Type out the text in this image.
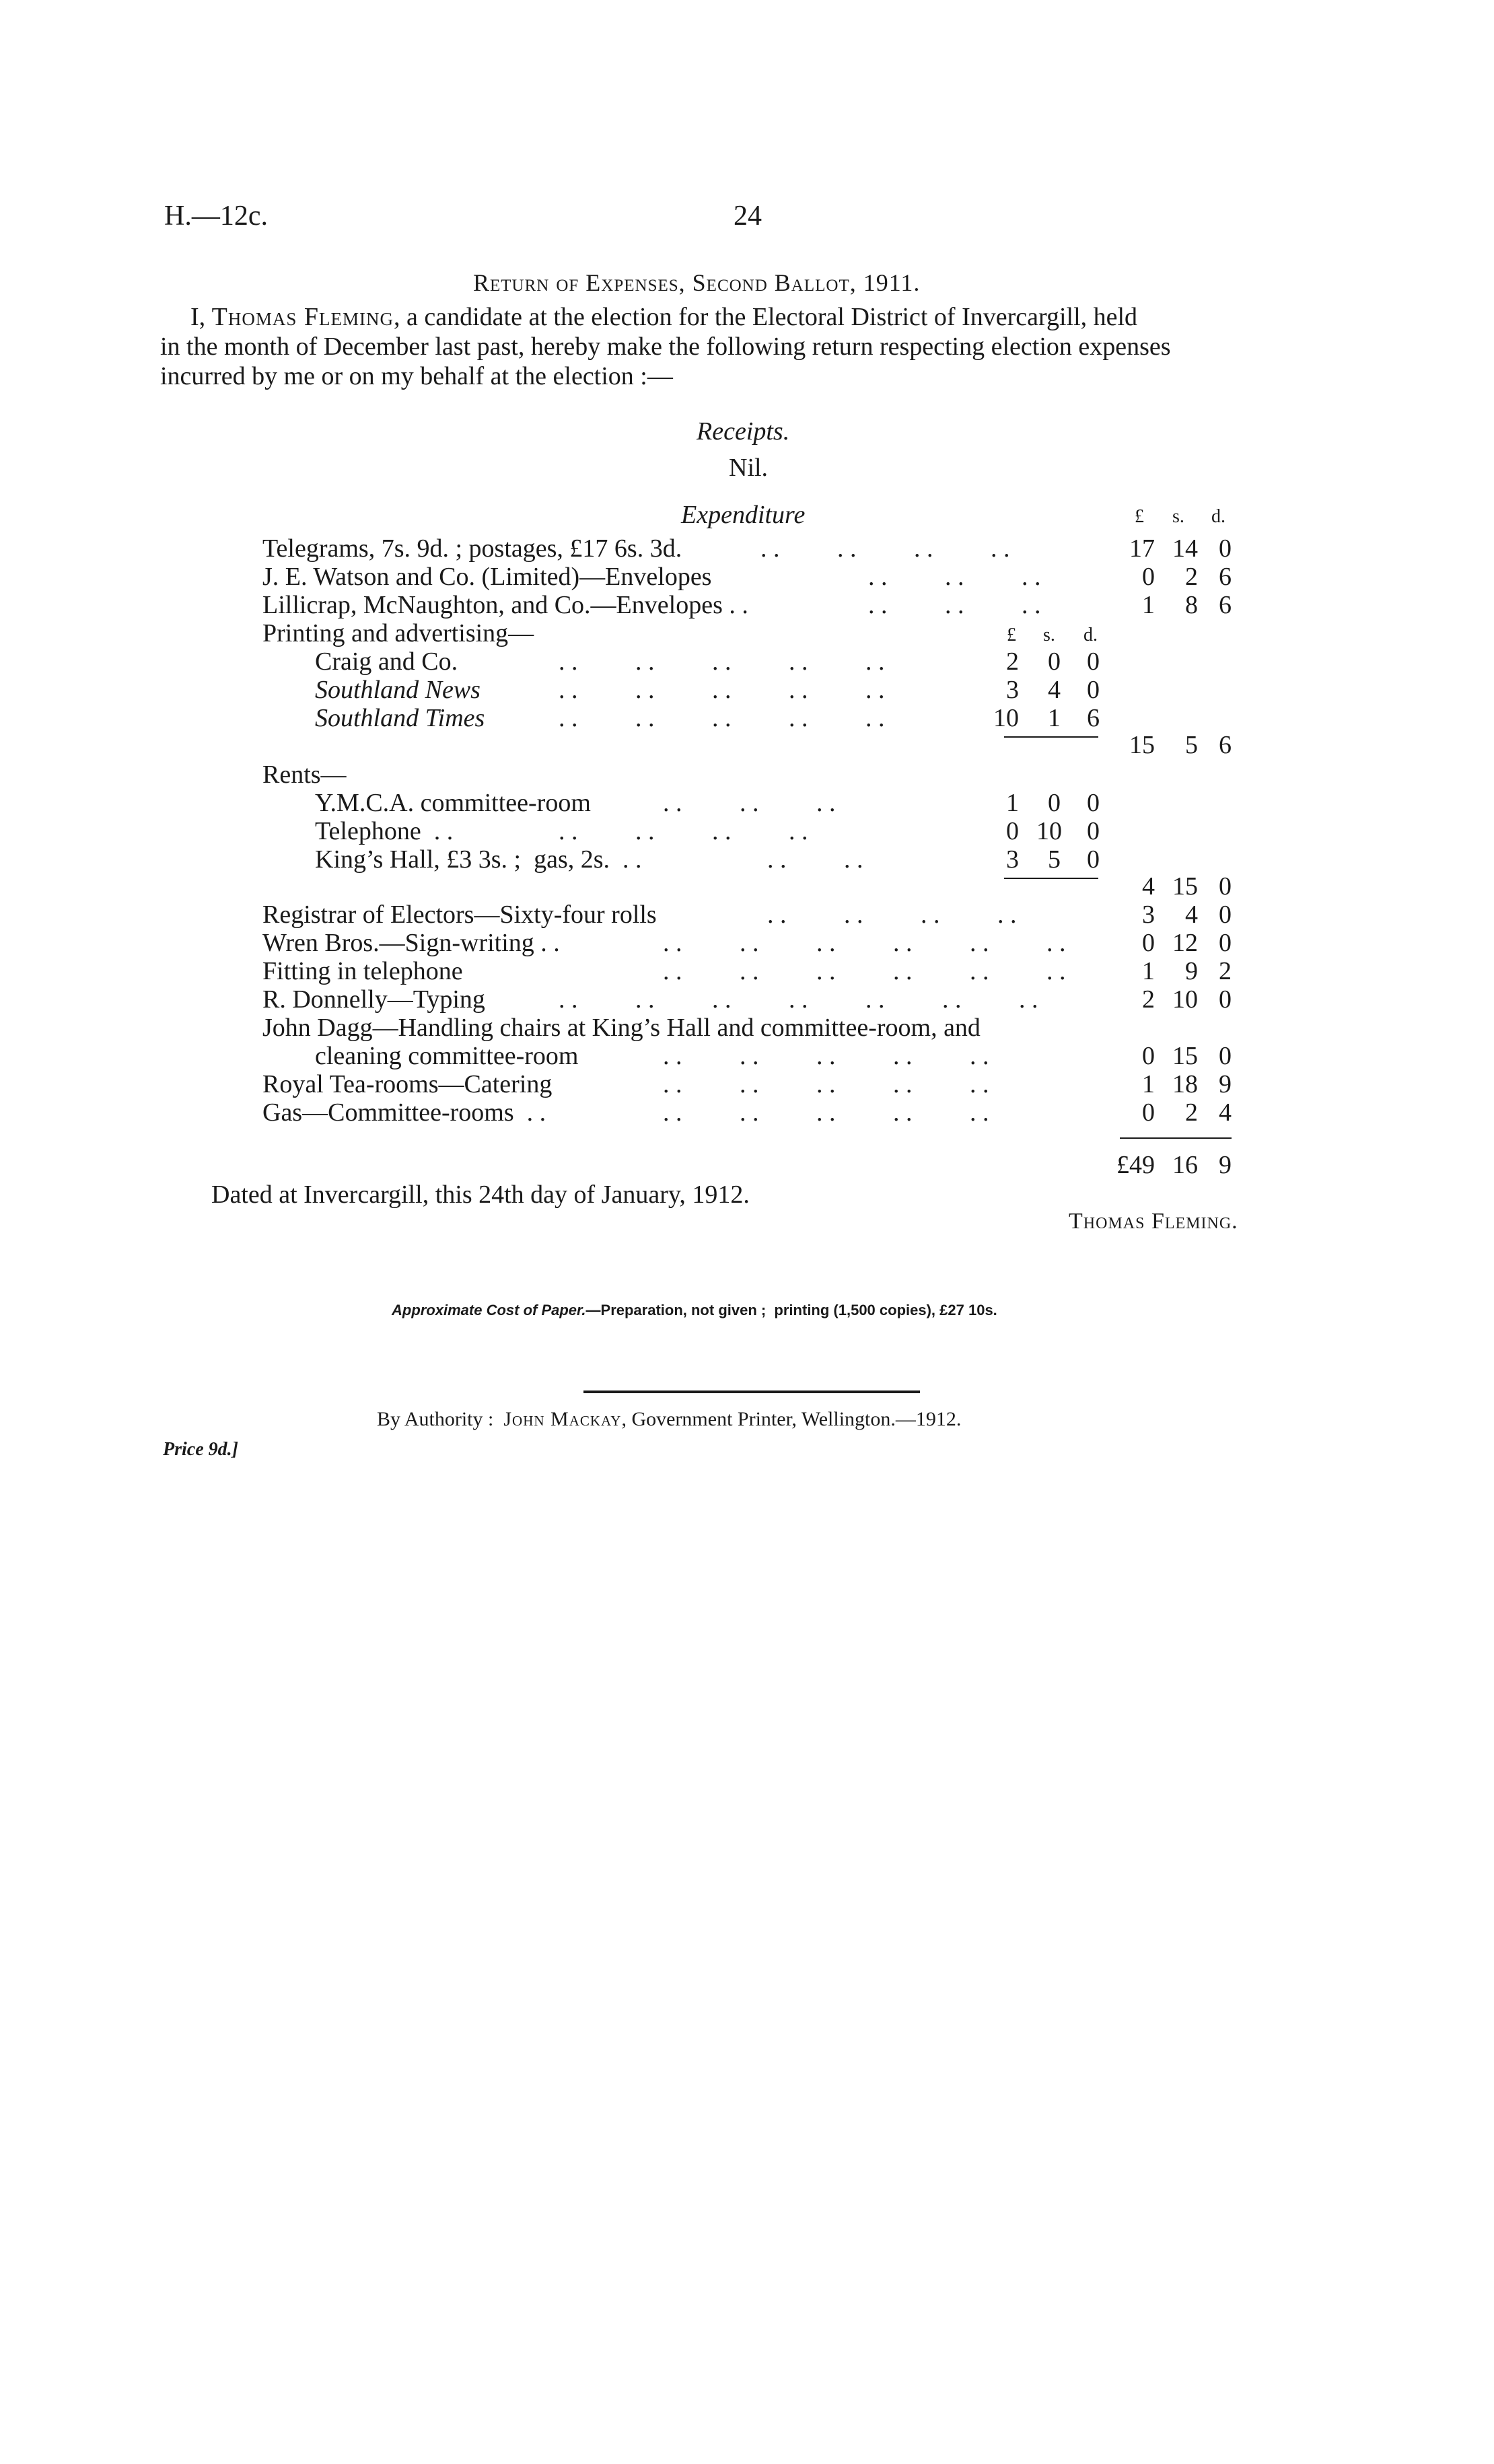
H.—12c.	24
Return of Expenses, Second Ballot, 1911.
I, Thomas Fleming, a candidate at the election for the Electoral District of Invercargill, held
in the month of December last past, hereby make the following return respecting election expenses
incurred by me or on my behalf at the election :—
Receipts.
Nil.
Expenditure	£ s. d.
Telegrams, 7s. 9d. ; postages, £17 6s. 3d.	. .         . .         . .         . .	17 14 0
J. E. Watson and Co. (Limited)—Envelopes	. .         . .         . .	0	2 6
Lillicrap, McNaughton, and Co.—Envelopes . .	. .         . .         . .	1	8 6
Printing and advertising—	£ s. d.
Craig and Co.	. .         . .         . .         . .         . .	2	0 0
Southland News	. .         . .         . .         . .         . .	3	4 0
Southland Times	. .         . .         . .         . .         . .	10	1 6
15	5 6
Rents—
Y.M.C.A. committee-room	. .         . .         . .	1	0 0
Telephone  . .	. .         . .         . .         . .	0 10 0
King’s Hall, £3 3s. ;  gas, 2s.  . .	. .         . .	3	5 0
4 15 0
Registrar of Electors—Sixty-four rolls	. .         . .         . .         . .	3	4 0
Wren Bros.—Sign-writing . .	. .         . .         . .         . .         . .         . .	0 12 0
Fitting in telephone	. .         . .         . .         . .         . .         . .	1	9 2
R. Donnelly—Typing	. .         . .         . .         . .         . .         . .         . .	2 10 0
John Dagg—Handling chairs at King’s Hall and committee-room, and
cleaning committee-room	. .         . .         . .         . .         . .	0 15 0
Royal Tea-rooms—Catering	. .         . .         . .         . .         . .	1 18 9
Gas—Committee-rooms  . .	. .         . .         . .         . .         . .	0	2 4
£49 16 9
Dated at Invercargill, this 24th day of January, 1912.
Thomas Fleming.
Approximate Cost of Paper.—Preparation, not given ;  printing (1,500 copies), £27 10s.
By Authority :  John Mackay, Government Printer, Wellington.—1912.
Price 9d.]
